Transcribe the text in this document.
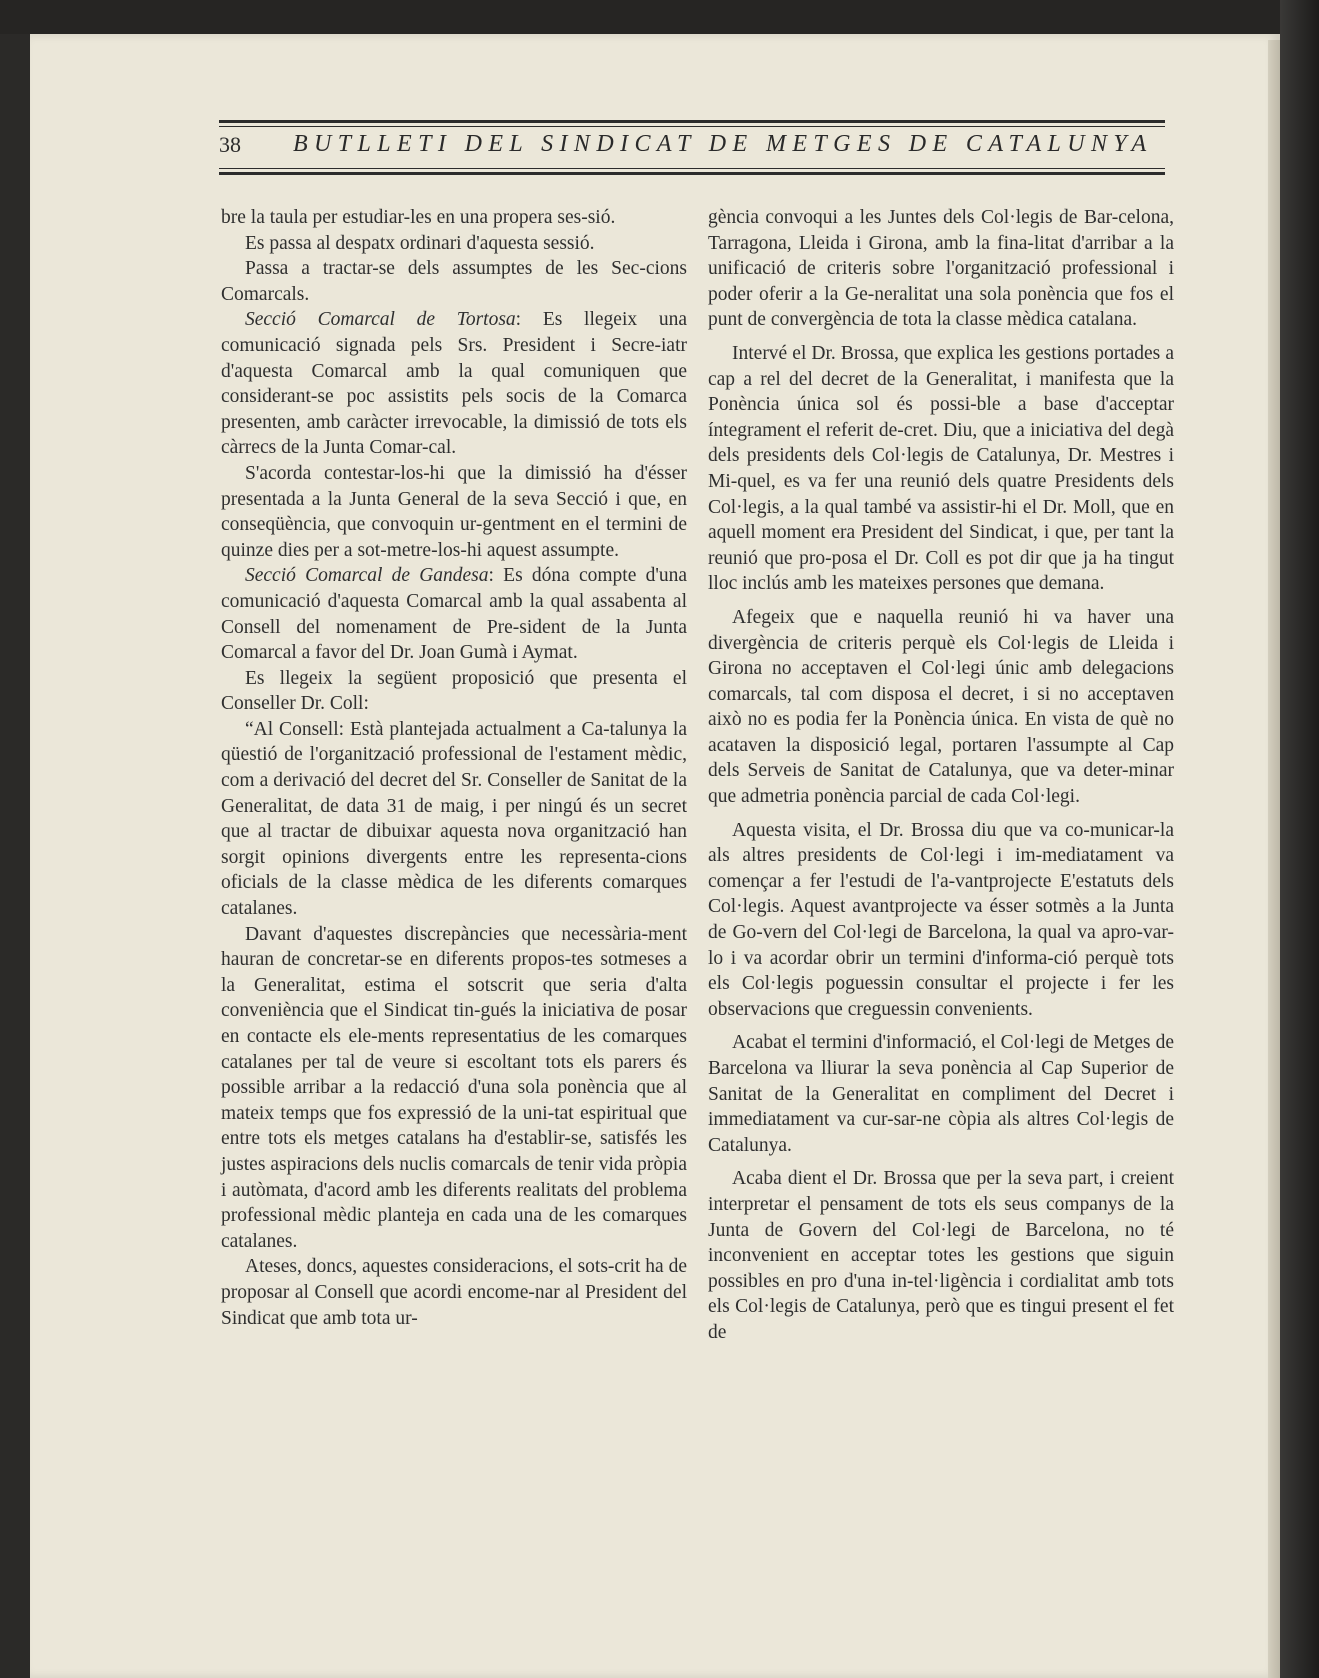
38 BUTLLETI DEL SINDICAT DE METGES DE CATALUNYA

bre la taula per estudiar-les en una propera ses-sió.

Es passa al despatx ordinari d'aquesta sessió.

Passa a tractar-se dels assumptes de les Sec-cions Comarcals.

Secció Comarcal de Tortosa: Es llegeix una comunicació signada pels Srs. President i Secre-iatr d'aquesta Comarcal amb la qual comuniquen que considerant-se poc assistits pels socis de la Comarca presenten, amb caràcter irrevocable, la dimissió de tots els càrrecs de la Junta Comar-cal.

S'acorda contestar-los-hi que la dimissió ha d'ésser presentada a la Junta General de la seva Secció i que, en conseqüència, que convoquin ur-gentment en el termini de quinze dies per a sot-metre-los-hi aquest assumpte.

Secció Comarcal de Gandesa: Es dóna compte d'una comunicació d'aquesta Comarcal amb la qual assabenta al Consell del nomenament de Pre-sident de la Junta Comarcal a favor del Dr. Joan Gumà i Aymat.

Es llegeix la següent proposició que presenta el Conseller Dr. Coll:

“Al Consell: Està plantejada actualment a Ca-talunya la qüestió de l'organització professional de l'estament mèdic, com a derivació del decret del Sr. Conseller de Sanitat de la Generalitat, de data 31 de maig, i per ningú és un secret que al tractar de dibuixar aquesta nova organització han sorgit opinions divergents entre les representa-cions oficials de la classe mèdica de les diferents comarques catalanes.

Davant d'aquestes discrepàncies que necessària-ment hauran de concretar-se en diferents propos-tes sotmeses a la Generalitat, estima el sotscrit que seria d'alta conveniència que el Sindicat tin-gués la iniciativa de posar en contacte els ele-ments representatius de les comarques catalanes per tal de veure si escoltant tots els parers és possible arribar a la redacció d'una sola ponència que al mateix temps que fos expressió de la uni-tat espiritual que entre tots els metges catalans ha d'establir-se, satisfés les justes aspiracions dels nuclis comarcals de tenir vida pròpia i autòmata, d'acord amb les diferents realitats del problema professional mèdic planteja en cada una de les comarques catalanes.

Ateses, doncs, aquestes consideracions, el sots-crit ha de proposar al Consell que acordi encome-nar al President del Sindicat que amb tota ur-

gència convoqui a les Juntes dels Col·legis de Bar-celona, Tarragona, Lleida i Girona, amb la fina-litat d'arribar a la unificació de criteris sobre l'organització professional i poder oferir a la Ge-neralitat una sola ponència que fos el punt de convergència de tota la classe mèdica catalana.

Intervé el Dr. Brossa, que explica les gestions portades a cap a rel del decret de la Generalitat, i manifesta que la Ponència única sol és possi-ble a base d'acceptar íntegrament el referit de-cret. Diu, que a iniciativa del degà dels presidents dels Col·legis de Catalunya, Dr. Mestres i Mi-quel, es va fer una reunió dels quatre Presidents dels Col·legis, a la qual també va assistir-hi el Dr. Moll, que en aquell moment era President del Sindicat, i que, per tant la reunió que pro-posa el Dr. Coll es pot dir que ja ha tingut lloc inclús amb les mateixes persones que demana.

Afegeix que e naquella reunió hi va haver una divergència de criteris perquè els Col·legis de Lleida i Girona no acceptaven el Col·legi únic amb delegacions comarcals, tal com disposa el decret, i si no acceptaven això no es podia fer la Ponència única. En vista de què no acataven la disposició legal, portaren l'assumpte al Cap dels Serveis de Sanitat de Catalunya, que va deter-minar que admetria ponència parcial de cada Col·legi.

Aquesta visita, el Dr. Brossa diu que va co-municar-la als altres presidents de Col·legi i im-mediatament va començar a fer l'estudi de l'a-vantprojecte E'estatuts dels Col·legis. Aquest avantprojecte va ésser sotmès a la Junta de Go-vern del Col·legi de Barcelona, la qual va apro-var-lo i va acordar obrir un termini d'informa-ció perquè tots els Col·legis poguessin consultar el projecte i fer les observacions que creguessin convenients.

Acabat el termini d'informació, el Col·legi de Metges de Barcelona va lliurar la seva ponència al Cap Superior de Sanitat de la Generalitat en compliment del Decret i immediatament va cur-sar-ne còpia als altres Col·legis de Catalunya.

Acaba dient el Dr. Brossa que per la seva part, i creient interpretar el pensament de tots els seus companys de la Junta de Govern del Col·legi de Barcelona, no té inconvenient en acceptar totes les gestions que siguin possibles en pro d'una in-tel·ligència i cordialitat amb tots els Col·legis de Catalunya, però que es tingui present el fet de
